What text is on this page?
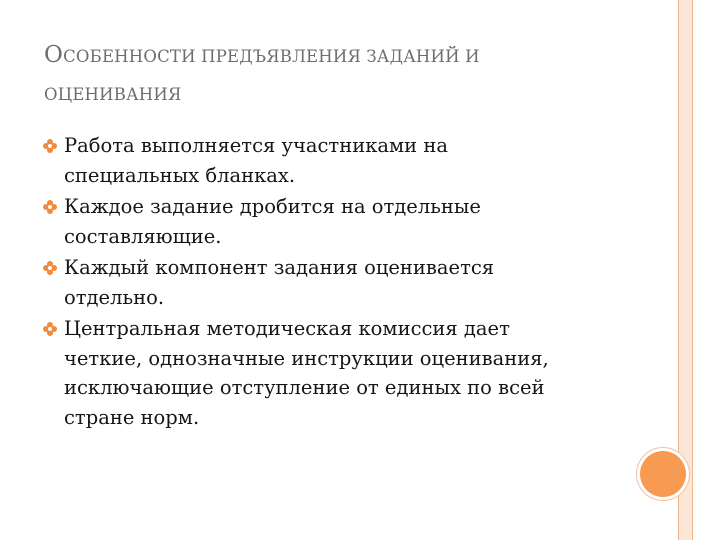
ОСОБЕННОСТИ ПРЕДЪЯВЛЕНИЯ ЗАДАНИЙ И
ОЦЕНИВАНИЯ
Работа выполняется участниками на
специальных бланках.
Каждое задание дробится на отдельные
составляющие.
Каждый компонент задания оценивается
отдельно.
Центральная методическая комиссия дает
четкие, однозначные инструкции оценивания,
исключающие отступление от единых по всей
стране норм.
